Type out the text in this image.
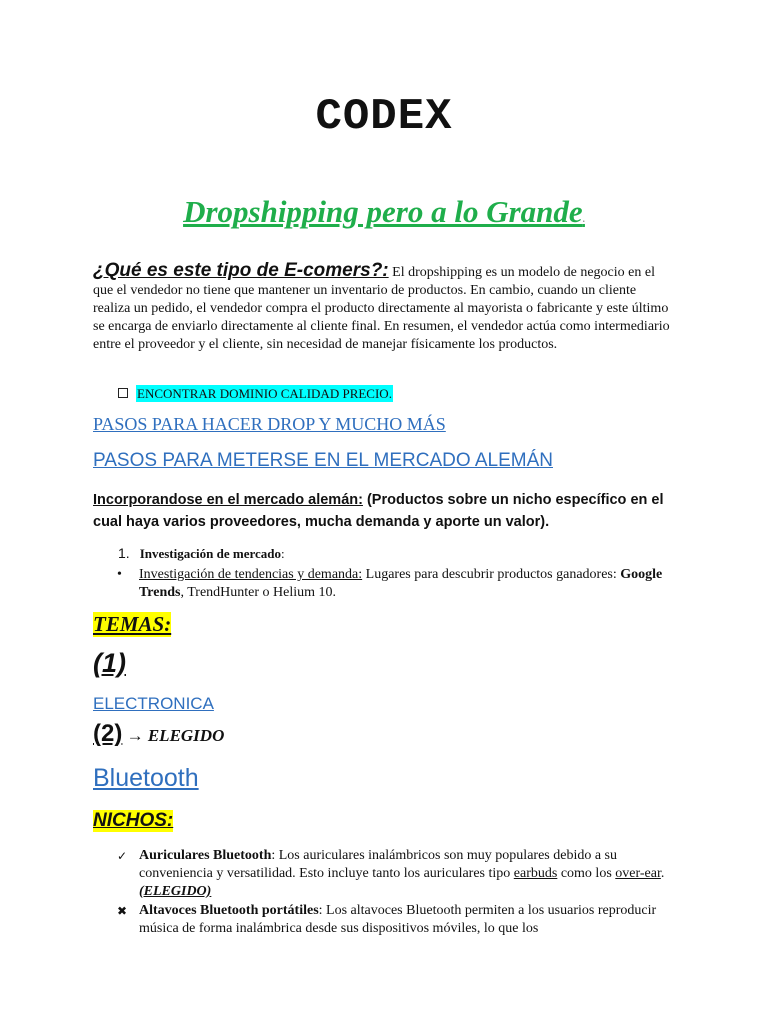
CODEX
Dropshipping pero a lo Grande.
¿Qué es este tipo de E-comers?: El dropshipping es un modelo de negocio en el que el vendedor no tiene que mantener un inventario de productos. En cambio, cuando un cliente realiza un pedido, el vendedor compra el producto directamente al mayorista o fabricante y este último se encarga de enviarlo directamente al cliente final. En resumen, el vendedor actúa como intermediario entre el proveedor y el cliente, sin necesidad de manejar físicamente los productos.
ENCONTRAR DOMINIO CALIDAD PRECIO.
PASOS PARA HACER DROP Y MUCHO MÁS
PASOS PARA METERSE EN EL MERCADO ALEMÁN
Incorporandose en el mercado alemán: (Productos sobre un nicho específico en el cual haya varios proveedores, mucha demanda y aporte un valor).
1. Investigación de mercado:
• Investigación de tendencias y demanda: Lugares para descubrir productos ganadores: Google Trends, TrendHunter o Helium 10.
TEMAS:
(1)
ELECTRONICA
(2) → ELEGIDO
Bluetooth
NICHOS:
✓ Auriculares Bluetooth: Los auriculares inalámbricos son muy populares debido a su conveniencia y versatilidad. Esto incluye tanto los auriculares tipo earbuds como los over-ear. (ELEGIDO)
✖ Altavoces Bluetooth portátiles: Los altavoces Bluetooth permiten a los usuarios reproducir música de forma inalámbrica desde sus dispositivos móviles, lo que los
